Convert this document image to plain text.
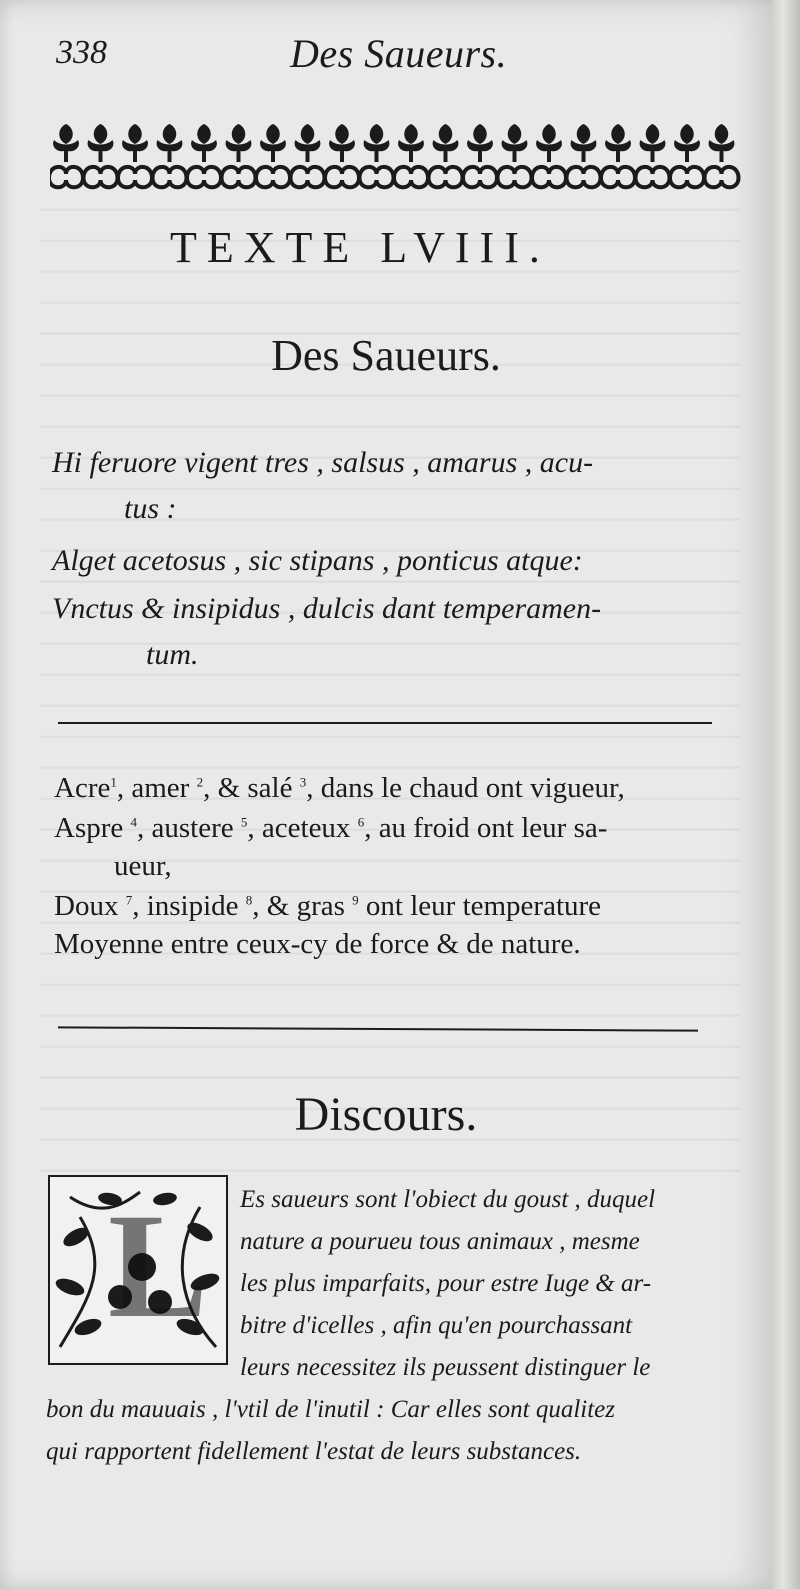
338	Des Saueurs.
TEXTE LVIII.
Des Saueurs.
Hi feruore vigent tres , salsus , amarus , acu-
tus :
Alget acetosus , sic stipans , ponticus atque:
Vnctus & insipidus , dulcis dant temperamen-
tum.
Acre$^1$, amer $^2$, & salé $^3$, dans le chaud ont vigueur,
Aspre $^4$, austere $^5$, aceteux $^6$, au froid ont leur sa-
ueur,
Doux $^7$, insipide $^8$, & gras $^9$ ont leur temperature
Moyenne entre ceux-cy de force & de nature.
Discours.
L Es saueurs sont l'obiect du goust , duquel
nature a pourueu tous animaux , mesme
les plus imparfaits, pour estre Iuge & ar-
bitre d'icelles , afin qu'en pourchassant
leurs necessitez ils peussent distinguer le
bon du mauuais , l'vtil de l'inutil : Car elles sont qualitez
qui rapportent fidellement l'estat de leurs substances.
